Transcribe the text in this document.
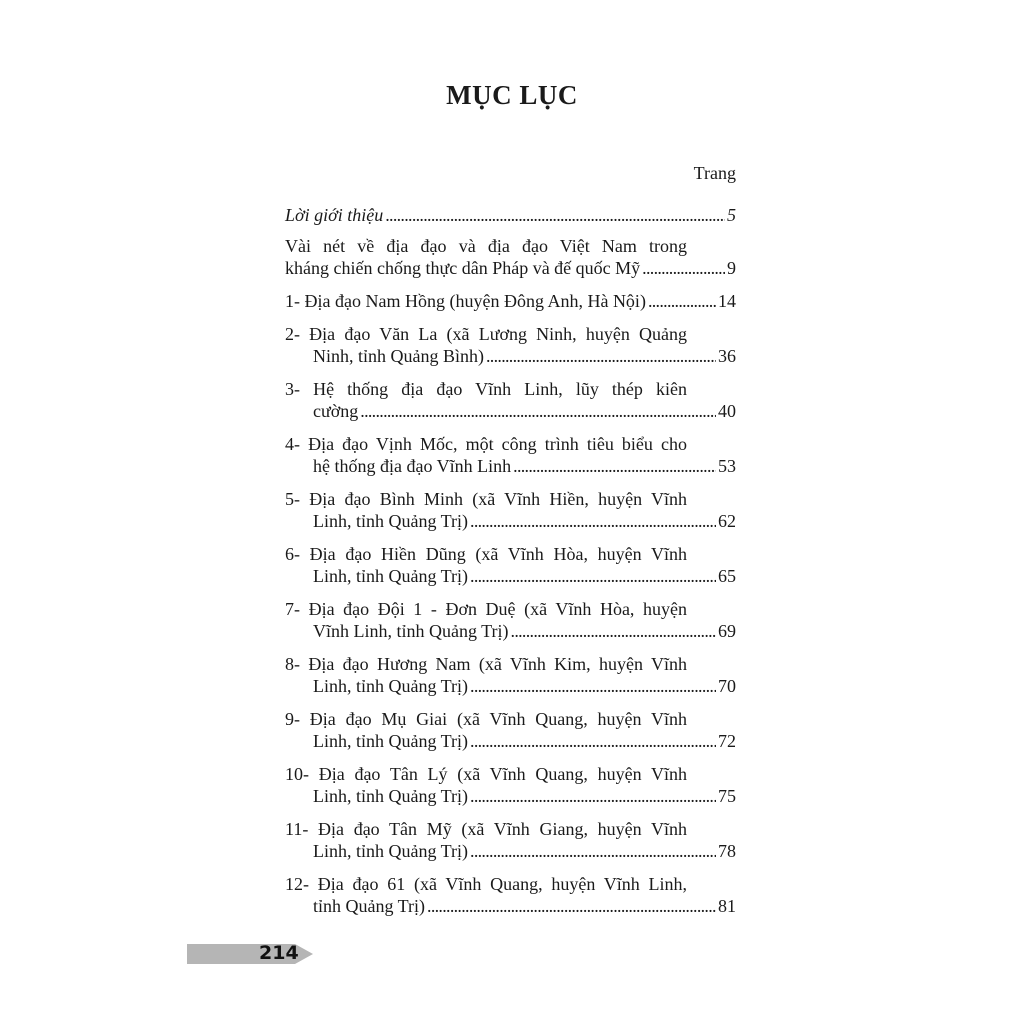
MỤC LỤC
Trang
Lời giới thiệu . . .	5
Vài nét về địa đạo và địa đạo Việt Nam trong
kháng chiến chống thực dân Pháp và đế quốc Mỹ . . .	9
1- Địa đạo Nam Hồng (huyện Đông Anh, Hà Nội) . . .	14
2- Địa đạo Văn La (xã Lương Ninh, huyện Quảng
Ninh, tỉnh Quảng Bình) . . .	36
3- Hệ thống địa đạo Vĩnh Linh, lũy thép kiên
cường . . .	40
4- Địa đạo Vịnh Mốc, một công trình tiêu biểu cho
hệ thống địa đạo Vĩnh Linh . . .	53
5- Địa đạo Bình Minh (xã Vĩnh Hiền, huyện Vĩnh
Linh, tỉnh Quảng Trị) . . .	62
6- Địa đạo Hiền Dũng (xã Vĩnh Hòa, huyện Vĩnh
Linh, tỉnh Quảng Trị) . . .	65
7- Địa đạo Đội 1 - Đơn Duệ (xã Vĩnh Hòa, huyện
Vĩnh Linh, tỉnh Quảng Trị) . . .	69
8- Địa đạo Hương Nam (xã Vĩnh Kim, huyện Vĩnh
Linh, tỉnh Quảng Trị) . . .	70
9- Địa đạo Mụ Giai (xã Vĩnh Quang, huyện Vĩnh
Linh, tỉnh Quảng Trị) . . .	72
10- Địa đạo Tân Lý (xã Vĩnh Quang, huyện Vĩnh
Linh, tỉnh Quảng Trị) . . .	75
11- Địa đạo Tân Mỹ (xã Vĩnh Giang, huyện Vĩnh
Linh, tỉnh Quảng Trị) . . .	78
12- Địa đạo 61 (xã Vĩnh Quang, huyện Vĩnh Linh,
tỉnh Quảng Trị) . . .	81
214
